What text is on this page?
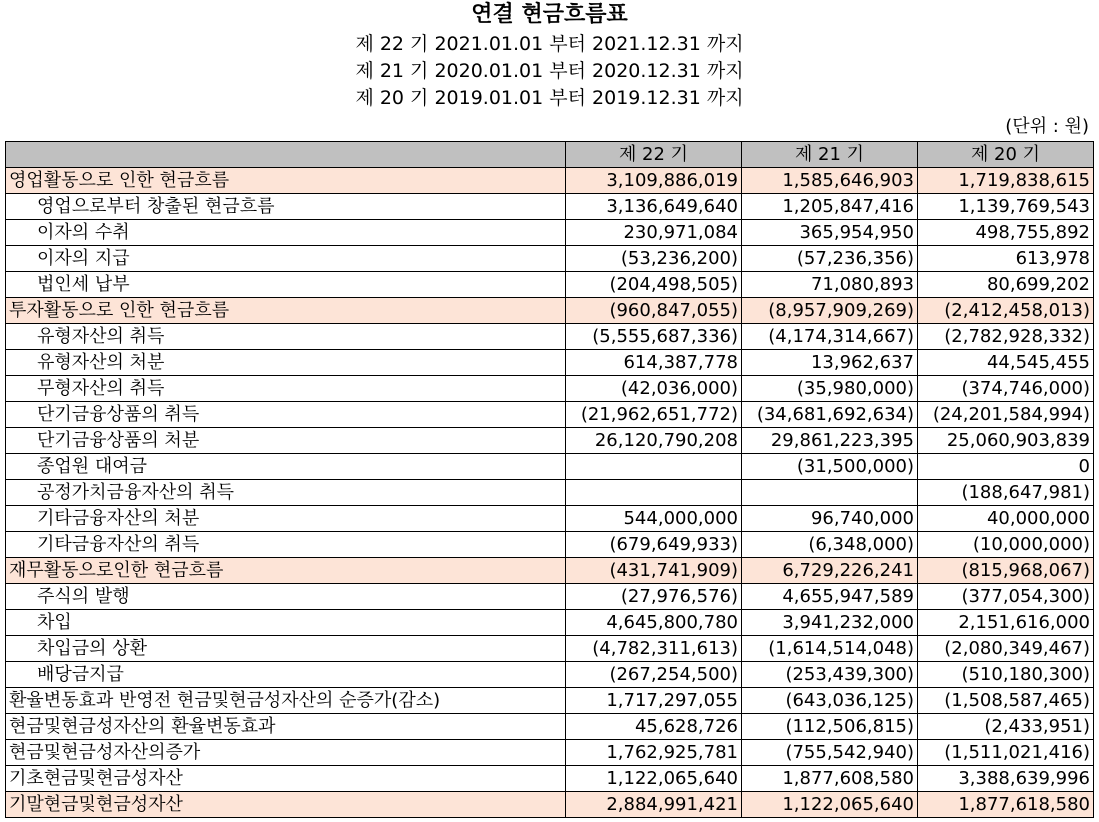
연결 현금흐름표
제 22 기 2021.01.01 부터 2021.12.31 까지
제 21 기 2020.01.01 부터 2020.12.31 까지
제 20 기 2019.01.01 부터 2019.12.31 까지
(단위 : 원)
	제 22 기	제 21 기	제 20 기
영업활동으로 인한 현금흐름	3,109,886,019	1,585,646,903	1,719,838,615
영업으로부터 창출된 현금흐름	3,136,649,640	1,205,847,416	1,139,769,543
이자의 수취	230,971,084	365,954,950	498,755,892
이자의 지급	(53,236,200)	(57,236,356)	613,978
법인세 납부	(204,498,505)	71,080,893	80,699,202
투자활동으로 인한 현금흐름	(960,847,055)	(8,957,909,269)	(2,412,458,013)
유형자산의 취득	(5,555,687,336)	(4,174,314,667)	(2,782,928,332)
유형자산의 처분	614,387,778	13,962,637	44,545,455
무형자산의 취득	(42,036,000)	(35,980,000)	(374,746,000)
단기금융상품의 취득	(21,962,651,772)	(34,681,692,634)	(24,201,584,994)
단기금융상품의 처분	26,120,790,208	29,861,223,395	25,060,903,839
종업원 대여금		(31,500,000)	0
공정가치금융자산의 취득			(188,647,981)
기타금융자산의 처분	544,000,000	96,740,000	40,000,000
기타금융자산의 취득	(679,649,933)	(6,348,000)	(10,000,000)
재무활동으로인한 현금흐름	(431,741,909)	6,729,226,241	(815,968,067)
주식의 발행	(27,976,576)	4,655,947,589	(377,054,300)
차입	4,645,800,780	3,941,232,000	2,151,616,000
차입금의 상환	(4,782,311,613)	(1,614,514,048)	(2,080,349,467)
배당금지급	(267,254,500)	(253,439,300)	(510,180,300)
환율변동효과 반영전 현금및현금성자산의 순증가(감소)	1,717,297,055	(643,036,125)	(1,508,587,465)
현금및현금성자산의 환율변동효과	45,628,726	(112,506,815)	(2,433,951)
현금및현금성자산의증가	1,762,925,781	(755,542,940)	(1,511,021,416)
기초현금및현금성자산	1,122,065,640	1,877,608,580	3,388,639,996
기말현금및현금성자산	2,884,991,421	1,122,065,640	1,877,618,580
